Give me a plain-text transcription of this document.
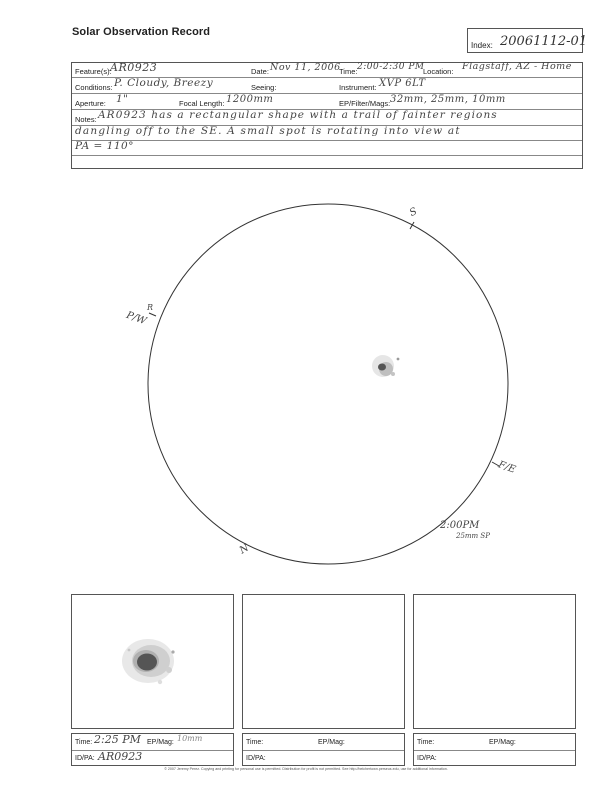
Solar Observation Record
Index: 20061112-01
Feature(s):
AR0923	Date: Nov 11, 2006
Time: 2:00-2:30 PM
Location: Flagstaff, AZ - Home
Conditions: P. Cloudy, Breezy	Seeing:	Instrument: XVP 6LT
Aperture: 1"	Focal Length: 1200mm	EP/Filter/Mags: 32mm, 25mm, 10mm
Notes: AR0923 has a rectangular shape with a trail of fainter regions
dangling off to the SE. A small spot is rotating into view at
PA = 110°
S
P/W
R
F/E
N
2:00PM
25mm SP
Time: 2:25 PM EP/Mag: 10mm
ID/PA: AR0923
Time:	EP/Mag:
ID/PA:
Time:	EP/Mag:
ID/PA:
© 2007 Jeremy Perez. Copying and printing for personal use is permitted. Distribution for profit is not permitted. See http://belchertown.perseus.edu, use for additional information.
